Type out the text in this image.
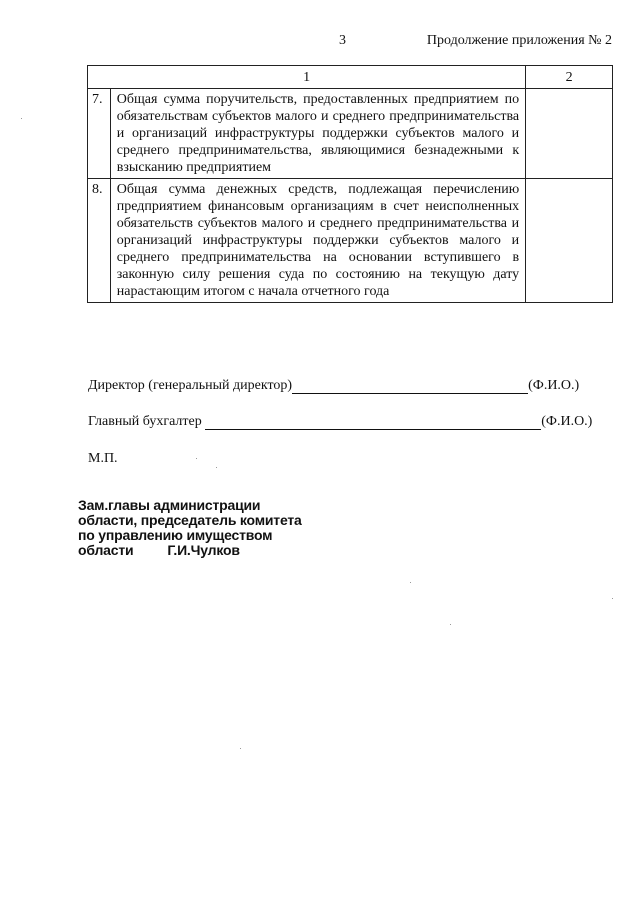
3	Продолжение приложения № 2
1		2
7.	Общая сумма поручительств, предоставленных предприятием по обязательствам субъектов малого и среднего предпринимательства и организаций инфраструктуры поддержки субъектов малого и среднего предпринимательства, являющимися безнадежными к взысканию предприятием	
8.	Общая сумма денежных средств, подлежащая перечислению предприятием финансовым организациям в счет неисполненных обязательств субъектов малого и среднего предпринимательства и организаций инфраструктуры поддержки субъектов малого и среднего предпринимательства на основании вступившего в законную силу решения суда по состоянию на текущую дату нарастающим итогом с начала отчетного года	
Директор (генеральный директор)	(Ф.И.О.)
Главный бухгалтер	(Ф.И.О.)
М.П.
Зам.главы администрации
области, председатель комитета
по управлению имуществом
области Г.И.Чулков
